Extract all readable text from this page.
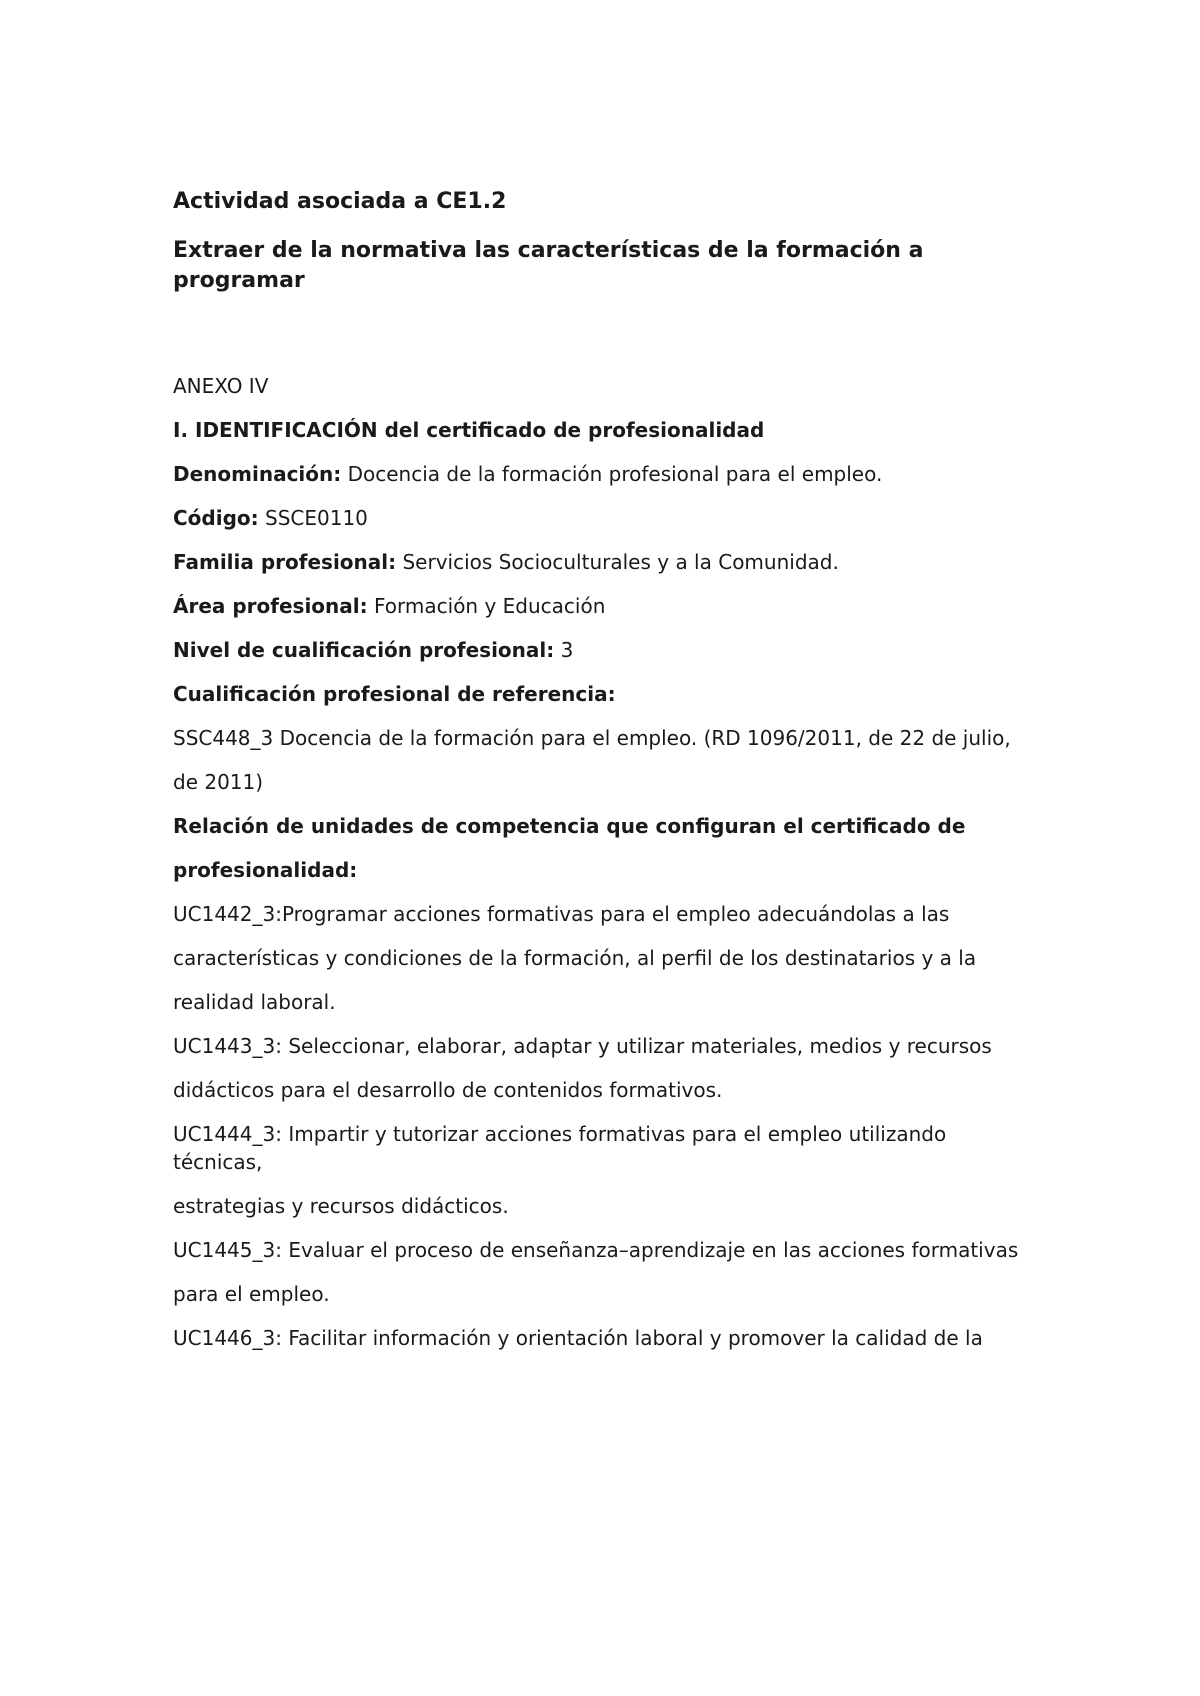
Actividad asociada a CE1.2
Extraer de la normativa las características de la formación a programar

ANEXO IV

I. IDENTIFICACIÓN del certificado de profesionalidad

Denominación: Docencia de la formación profesional para el empleo.

Código: SSCE0110

Familia profesional: Servicios Socioculturales y a la Comunidad.

Área profesional: Formación y Educación

Nivel de cualificación profesional: 3

Cualificación profesional de referencia:

SSC448_3 Docencia de la formación para el empleo. (RD 1096/2011, de 22 de julio,

de 2011)

Relación de unidades de competencia que configuran el certificado de

profesionalidad:

UC1442_3:Programar acciones formativas para el empleo adecuándolas a las

características y condiciones de la formación, al perfil de los destinatarios y a la

realidad laboral.

UC1443_3: Seleccionar, elaborar, adaptar y utilizar materiales, medios y recursos

didácticos para el desarrollo de contenidos formativos.

UC1444_3: Impartir y tutorizar acciones formativas para el empleo utilizando técnicas,

estrategias y recursos didácticos.

UC1445_3: Evaluar el proceso de enseñanza–aprendizaje en las acciones formativas

para el empleo.

UC1446_3: Facilitar información y orientación laboral y promover la calidad de la
